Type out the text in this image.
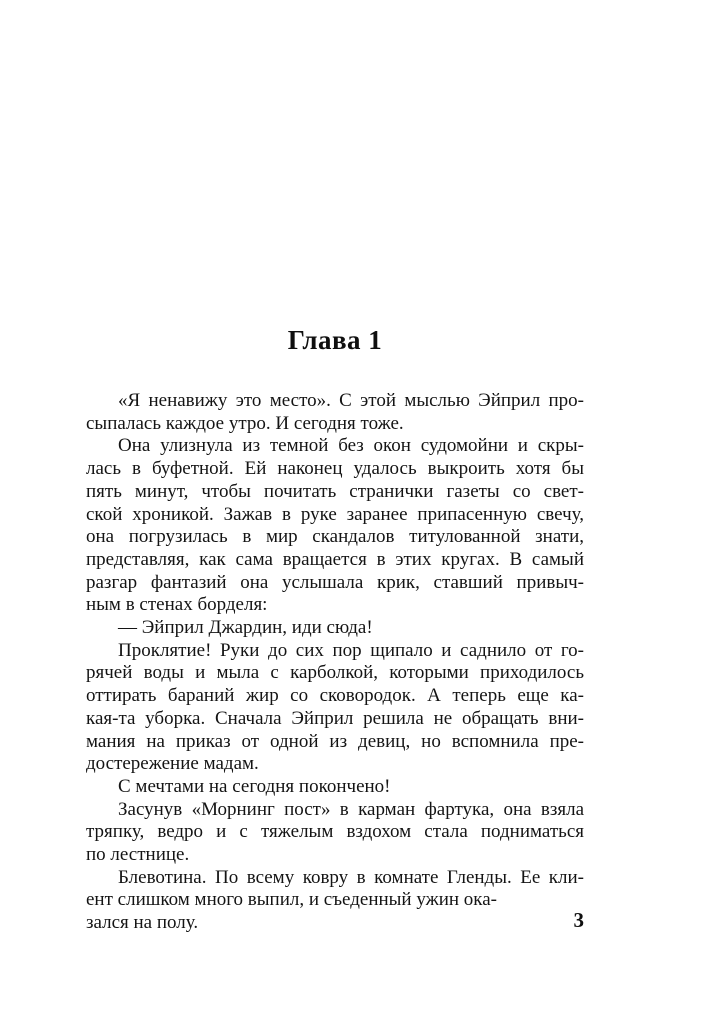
Глава 1
«Я ненавижу это место». С этой мыслью Эйприл про-
сыпалась каждое утро. И сегодня тоже.
Она улизнула из темной без окон судомойни и скры-
лась в буфетной. Ей наконец удалось выкроить хотя бы
пять минут, чтобы почитать странички газеты со свет-
ской хроникой. Зажав в руке заранее припасенную свечу,
она погрузилась в мир скандалов титулованной знати,
представляя, как сама вращается в этих кругах. В самый
разгар фантазий она услышала крик, ставший привыч-
ным в стенах борделя:
— Эйприл Джардин, иди сюда!
Проклятие! Руки до сих пор щипало и саднило от го-
рячей воды и мыла с карболкой, которыми приходилось
оттирать бараний жир со сковородок. А теперь еще ка-
кая-та уборка. Сначала Эйприл решила не обращать вни-
мания на приказ от одной из девиц, но вспомнила пре-
достережение мадам.
С мечтами на сегодня покончено!
Засунув «Морнинг пост» в карман фартука, она взяла
тряпку, ведро и с тяжелым вздохом стала подниматься
по лестнице.
Блевотина. По всему ковру в комнате Гленды. Ее кли-
ент слишком много выпил, и съеденный ужин ока-
зался на полу.	3
